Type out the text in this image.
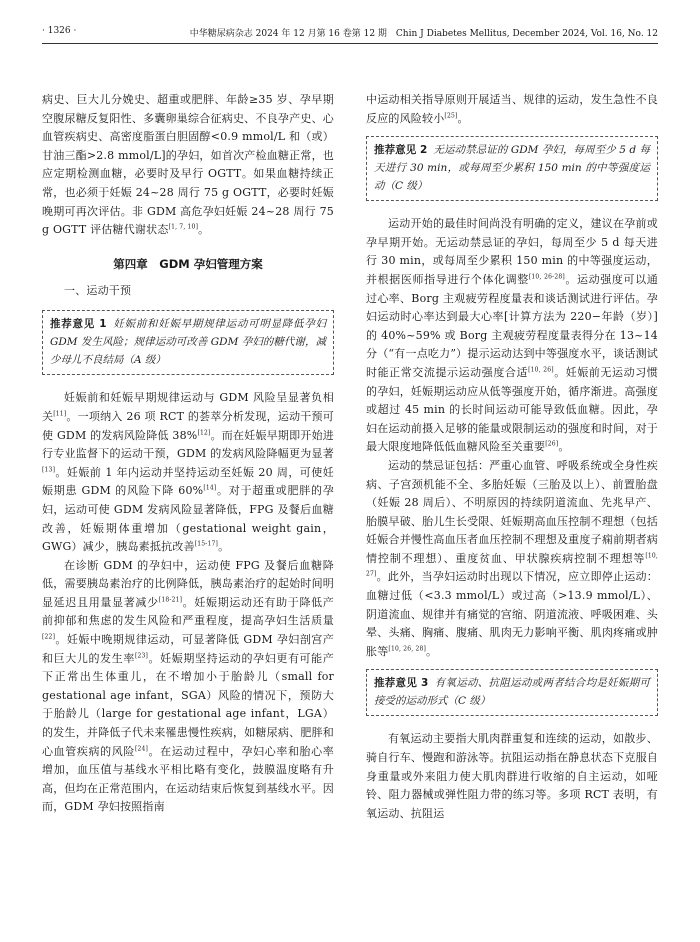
· 1326 ·	中华糖尿病杂志 2024 年 12 月第 16 卷第 12 期　Chin J Diabetes Mellitus, December 2024, Vol. 16, No. 12

病史、巨大儿分娩史、超重或肥胖、年龄≥35 岁、孕早期空腹尿糖反复阳性、多囊卵巢综合征病史、不良孕产史、心血管疾病史、高密度脂蛋白胆固醇<0.9 mmol/L 和（或）甘油三酯>2.8 mmol/L]的孕妇，如首次产检血糖正常，也应定期检测血糖，必要时及早行 OGTT。如果血糖持续正常，也必须于妊娠 24~28 周行 75 g OGTT，必要时妊娠晚期可再次评估。非 GDM 高危孕妇妊娠 24~28 周行 75 g OGTT 评估糖代谢状态[1, 7, 10]。

第四章　GDM 孕妇管理方案
一、运动干预
推荐意见 1 妊娠前和妊娠早期规律运动可明显降低孕妇 GDM 发生风险；规律运动可改善 GDM 孕妇的糖代谢，减少母儿不良结局（A 级）

妊娠前和妊娠早期规律运动与 GDM 风险呈显著负相关[11]。一项纳入 26 项 RCT 的荟萃分析发现，运动干预可使 GDM 的发病风险降低 38%[12]。而在妊娠早期即开始进行专业监督下的运动干预，GDM 的发病风险降幅更为显著[13]。妊娠前 1 年内运动并坚持运动至妊娠 20 周，可使妊娠期患 GDM 的风险下降 60%[14]。对于超重或肥胖的孕妇，运动可使 GDM 发病风险显著降低，FPG 及餐后血糖改善，妊娠期体重增加（gestational weight gain，GWG）减少，胰岛素抵抗改善[15-17]。

在诊断 GDM 的孕妇中，运动使 FPG 及餐后血糖降低，需要胰岛素治疗的比例降低，胰岛素治疗的起始时间明显延迟且用量显著减少[18-21]。妊娠期运动还有助于降低产前抑郁和焦虑的发生风险和严重程度，提高孕妇生活质量[22]。妊娠中晚期规律运动，可显著降低 GDM 孕妇剖宫产和巨大儿的发生率[23]。妊娠期坚持运动的孕妇更有可能产下正常出生体重儿，在不增加小于胎龄儿（small for gestational age infant，SGA）风险的情况下，预防大于胎龄儿（large for gestational age infant，LGA）的发生，并降低子代未来罹患慢性疾病，如糖尿病、肥胖和心血管疾病的风险[24]。在运动过程中，孕妇心率和胎心率增加，血压值与基线水平相比略有变化，鼓膜温度略有升高，但均在正常范围内，在运动结束后恢复到基线水平。因而，GDM 孕妇按照指南

中运动相关指导原则开展适当、规律的运动，发生急性不良反应的风险较小[25]。

推荐意见 2 无运动禁忌证的 GDM 孕妇，每周至少 5 d 每天进行 30 min，或每周至少累积 150 min 的中等强度运动（C 级）

运动开始的最佳时间尚没有明确的定义，建议在孕前或孕早期开始。无运动禁忌证的孕妇，每周至少 5 d 每天进行 30 min，或每周至少累积 150 min 的中等强度运动，并根据医师指导进行个体化调整[10, 26-28]。运动强度可以通过心率、Borg 主观疲劳程度量表和谈话测试进行评估。孕妇运动时心率达到最大心率[计算方法为 220−年龄（岁）]的 40%~59% 或 Borg 主观疲劳程度量表得分在 13~14 分（“有一点吃力”）提示运动达到中等强度水平，谈话测试时能正常交流提示运动强度合适[10, 26]。妊娠前无运动习惯的孕妇，妊娠期运动应从低等强度开始，循序渐进。高强度或超过 45 min 的长时间运动可能导致低血糖。因此，孕妇在运动前摄入足够的能量或限制运动的强度和时间，对于最大限度地降低低血糖风险至关重要[26]。

运动的禁忌证包括：严重心血管、呼吸系统或全身性疾病、子宫颈机能不全、多胎妊娠（三胎及以上）、前置胎盘（妊娠 28 周后）、不明原因的持续阴道流血、先兆早产、胎膜早破、胎儿生长受限、妊娠期高血压控制不理想（包括妊娠合并慢性高血压者血压控制不理想及重度子痫前期者病情控制不理想）、重度贫血、甲状腺疾病控制不理想等[10, 27]。此外，当孕妇运动时出现以下情况，应立即停止运动：血糖过低（<3.3 mmol/L）或过高（>13.9 mmol/L）、阴道流血、规律并有痛觉的宫缩、阴道流液、呼吸困难、头晕、头痛、胸痛、腹痛、肌肉无力影响平衡、肌肉疼痛或肿胀等[10, 26, 28]。

推荐意见 3 有氧运动、抗阻运动或两者结合均是妊娠期可接受的运动形式（C 级）

有氧运动主要指大肌肉群重复和连续的运动，如散步、骑自行车、慢跑和游泳等。抗阻运动指在静息状态下克服自身重量或外来阻力使大肌肉群进行收缩的自主运动，如哑铃、阻力器械或弹性阻力带的练习等。多项 RCT 表明，有氧运动、抗阻运
